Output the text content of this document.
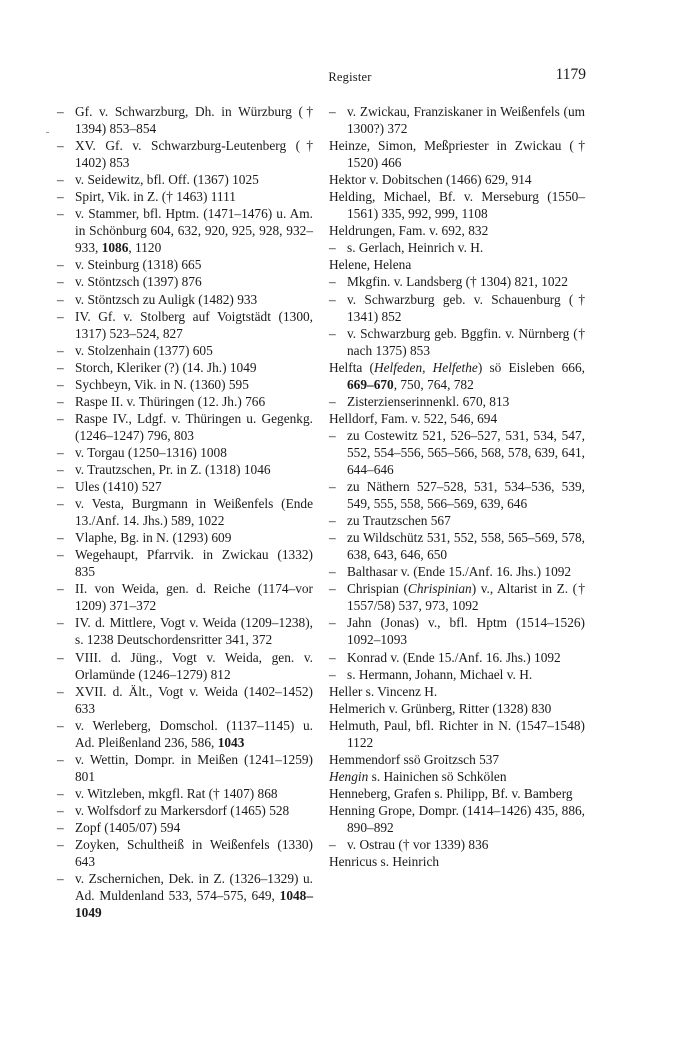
Register	1179
– Gf. v. Schwarzburg, Dh. in Würzburg († 1394) 853–854
– XV. Gf. v. Schwarzburg-Leutenberg († 1402) 853
– v. Seidewitz, bfl. Off. (1367) 1025
– Spirt, Vik. in Z. († 1463) 1111
– v. Stammer, bfl. Hptm. (1471–1476) u. Am. in Schönburg 604, 632, 920, 925, 928, 932–933, 1086, 1120
– v. Steinburg (1318) 665
– v. Stöntzsch (1397) 876
– v. Stöntzsch zu Auligk (1482) 933
– IV. Gf. v. Stolberg auf Voigtstädt (1300, 1317) 523–524, 827
– v. Stolzenhain (1377) 605
– Storch, Kleriker (?) (14. Jh.) 1049
– Sychbeyn, Vik. in N. (1360) 595
– Raspe II. v. Thüringen (12. Jh.) 766
– Raspe IV., Ldgf. v. Thüringen u. Gegenkg. (1246–1247) 796, 803
– v. Torgau (1250–1316) 1008
– v. Trautzschen, Pr. in Z. (1318) 1046
– Ules (1410) 527
– v. Vesta, Burgmann in Weißenfels (Ende 13./Anf. 14. Jhs.) 589, 1022
– Vlaphe, Bg. in N. (1293) 609
– Wegehaupt, Pfarrvik. in Zwickau (1332) 835
– II. von Weida, gen. d. Reiche (1174–vor 1209) 371–372
– IV. d. Mittlere, Vogt v. Weida (1209–1238), s. 1238 Deutschordensritter 341, 372
– VIII. d. Jüng., Vogt v. Weida, gen. v. Orlamünde (1246–1279) 812
– XVII. d. Ält., Vogt v. Weida (1402–1452) 633
– v. Werleberg, Domschol. (1137–1145) u. Ad. Pleißenland 236, 586, 1043
– v. Wettin, Dompr. in Meißen (1241–1259) 801
– v. Witzleben, mkgfl. Rat († 1407) 868
– v. Wolfsdorf zu Markersdorf (1465) 528
– Zopf (1405/07) 594
– Zoyken, Schultheiß in Weißenfels (1330) 643
– v. Zschernichen, Dek. in Z. (1326–1329) u. Ad. Muldenland 533, 574–575, 649, 1048–1049
– v. Zwickau, Franziskaner in Weißenfels (um 1300?) 372
Heinze, Simon, Meßpriester in Zwickau († 1520) 466
Hektor v. Dobitschen (1466) 629, 914
Helding, Michael, Bf. v. Merseburg (1550–1561) 335, 992, 999, 1108
Heldrungen, Fam. v. 692, 832
– s. Gerlach, Heinrich v. H.
Helene, Helena
– Mkgfin. v. Landsberg († 1304) 821, 1022
– v. Schwarzburg geb. v. Schauenburg († 1341) 852
– v. Schwarzburg geb. Bggfin. v. Nürnberg († nach 1375) 853
Helfta (Helfeden, Helfethe) sö Eisleben 666, 669–670, 750, 764, 782
– Zisterzienserinnenkl. 670, 813
Helldorf, Fam. v. 522, 546, 694
– zu Costewitz 521, 526–527, 531, 534, 547, 552, 554–556, 565–566, 568, 578, 639, 641, 644–646
– zu Näthern 527–528, 531, 534–536, 539, 549, 555, 558, 566–569, 639, 646
– zu Trautzschen 567
– zu Wildschütz 531, 552, 558, 565–569, 578, 638, 643, 646, 650
– Balthasar v. (Ende 15./Anf. 16. Jhs.) 1092
– Chrispian (Chrispinian) v., Altarist in Z. († 1557/58) 537, 973, 1092
– Jahn (Jonas) v., bfl. Hptm (1514–1526) 1092–1093
– Konrad v. (Ende 15./Anf. 16. Jhs.) 1092
– s. Hermann, Johann, Michael v. H.
Heller s. Vincenz H.
Helmerich v. Grünberg, Ritter (1328) 830
Helmuth, Paul, bfl. Richter in N. (1547–1548) 1122
Hemmendorf ssö Groitzsch 537
Hengin s. Hainichen sö Schkölen
Henneberg, Grafen s. Philipp, Bf. v. Bamberg
Henning Grope, Dompr. (1414–1426) 435, 886, 890–892
– v. Ostrau († vor 1339) 836
Henricus s. Heinrich
